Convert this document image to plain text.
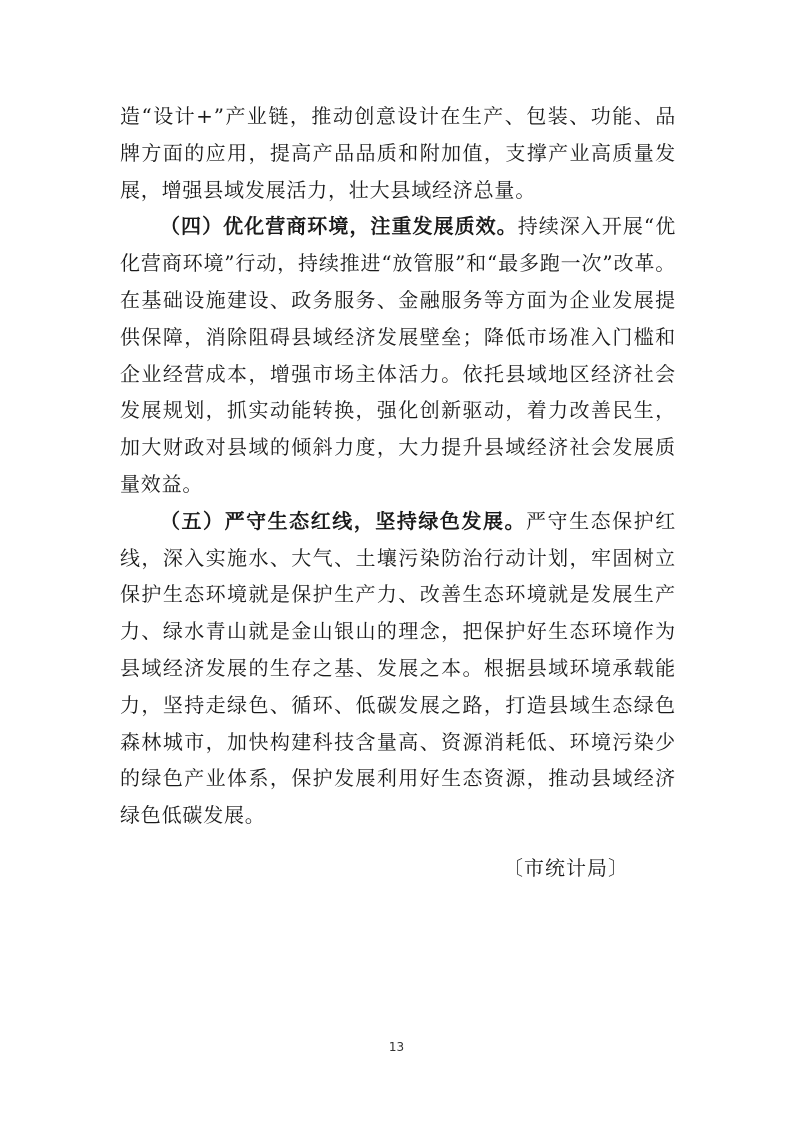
造“设计+”产业链，推动创意设计在生产、包装、功能、品牌方面的应用，提高产品品质和附加值，支撑产业高质量发展，增强县域发展活力，壮大县域经济总量。

（四）优化营商环境，注重发展质效。持续深入开展“优化营商环境”行动，持续推进“放管服”和“最多跑一次”改革。在基础设施建设、政务服务、金融服务等方面为企业发展提供保障，消除阻碍县域经济发展壁垒；降低市场准入门槛和企业经营成本，增强市场主体活力。依托县域地区经济社会发展规划，抓实动能转换，强化创新驱动，着力改善民生，加大财政对县域的倾斜力度，大力提升县域经济社会发展质量效益。

（五）严守生态红线，坚持绿色发展。严守生态保护红线，深入实施水、大气、土壤污染防治行动计划，牢固树立保护生态环境就是保护生产力、改善生态环境就是发展生产力、绿水青山就是金山银山的理念，把保护好生态环境作为县域经济发展的生存之基、发展之本。根据县域环境承载能力，坚持走绿色、循环、低碳发展之路，打造县域生态绿色森林城市，加快构建科技含量高、资源消耗低、环境污染少的绿色产业体系，保护发展利用好生态资源，推动县域经济绿色低碳发展。

〔市统计局〕
13
